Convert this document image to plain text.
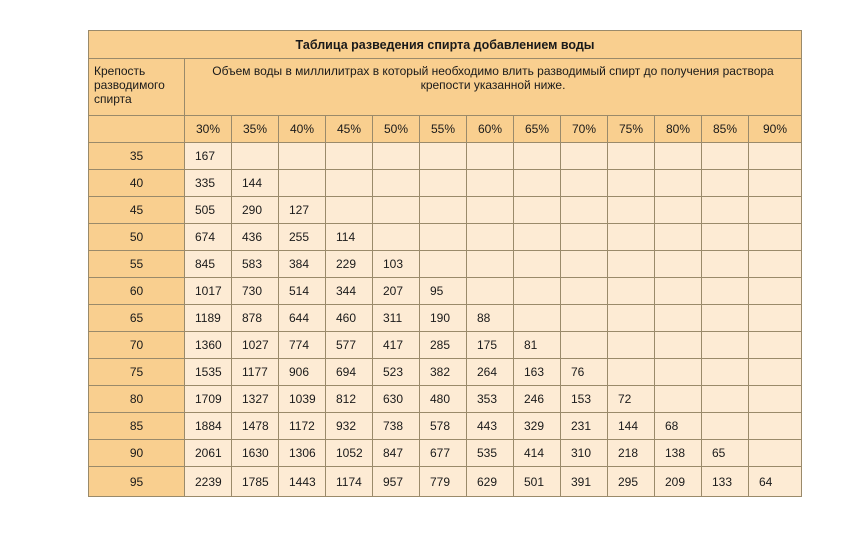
Таблица разведения спирта добавлением воды													
Крепость разводимого спирта	Объем воды в миллилитрах в который необходимо влить разводимый спирт до получения раствора крепости указанной ниже.												
	30%	35%	40%	45%	50%	55%	60%	65%	70%	75%	80%	85%	90%
35	167												
40	335	144											
45	505	290	127										
50	674	436	255	114									
55	845	583	384	229	103								
60	1017	730	514	344	207	95							
65	1189	878	644	460	311	190	88						
70	1360	1027	774	577	417	285	175	81					
75	1535	1177	906	694	523	382	264	163	76				
80	1709	1327	1039	812	630	480	353	246	153	72			
85	1884	1478	1172	932	738	578	443	329	231	144	68		
90	2061	1630	1306	1052	847	677	535	414	310	218	138	65	
95	2239	1785	1443	1174	957	779	629	501	391	295	209	133	64
